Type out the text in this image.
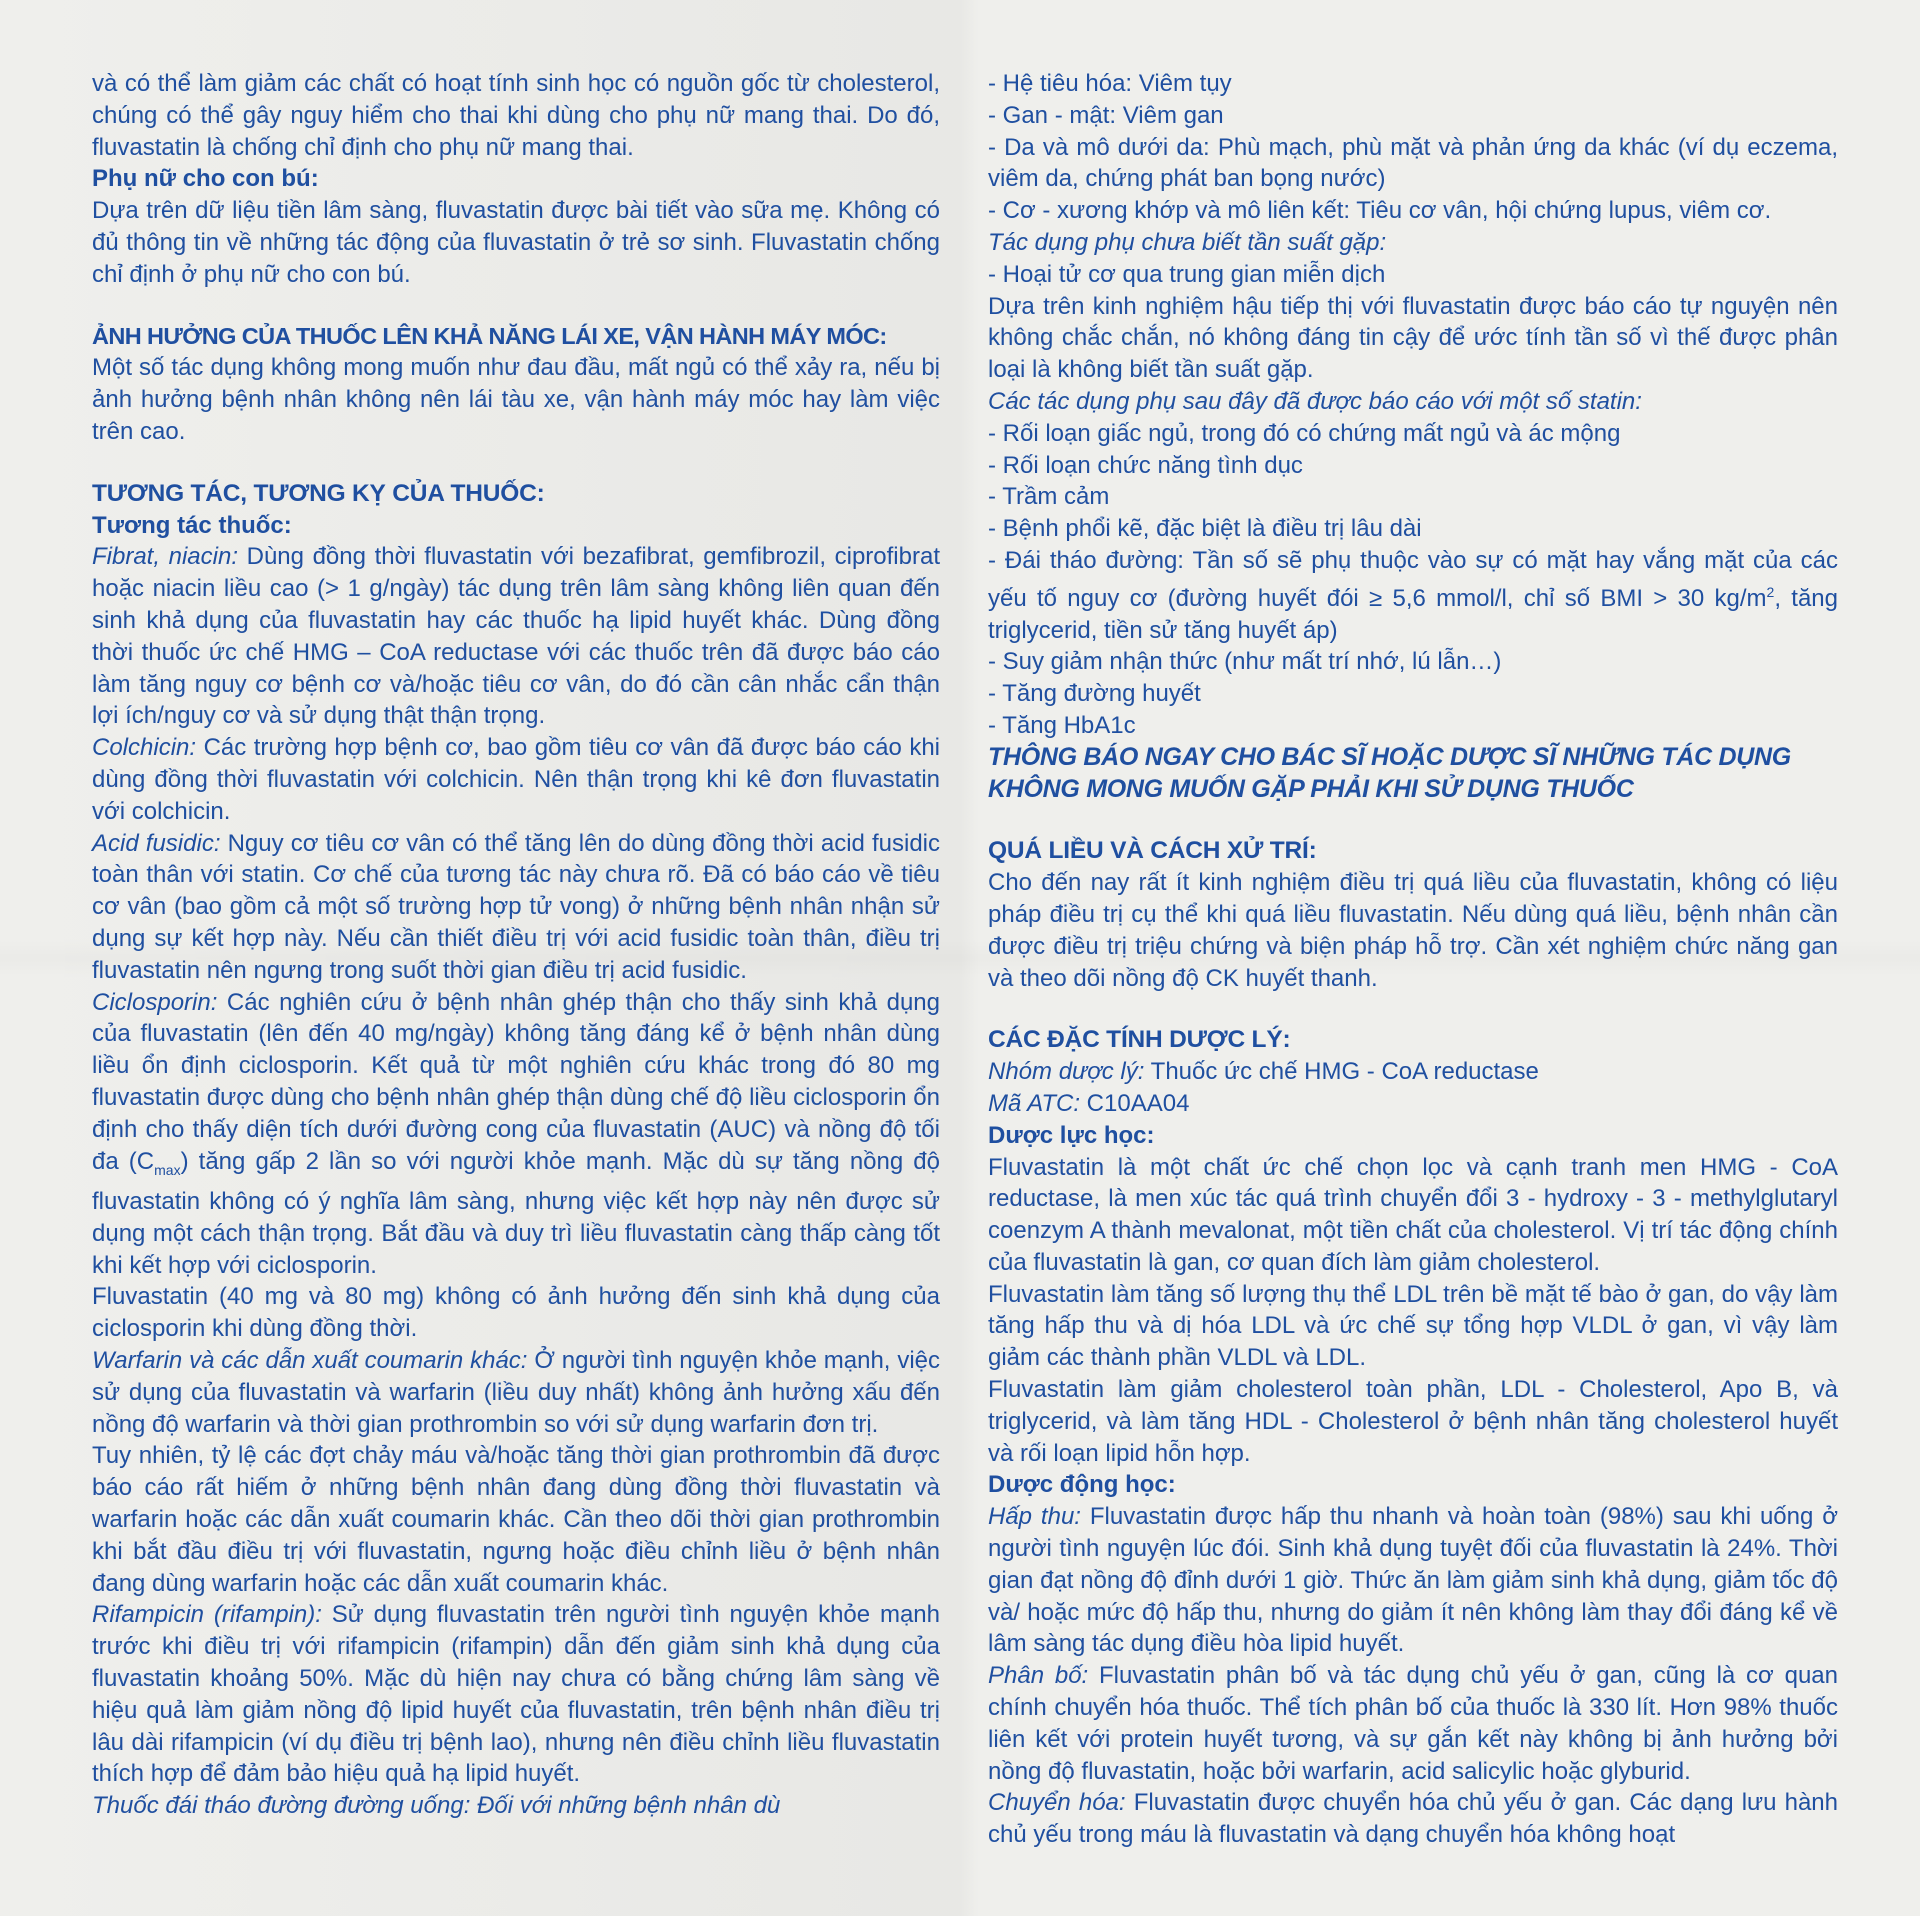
và có thể làm giảm các chất có hoạt tính sinh học có nguồn gốc từ cholesterol, chúng có thể gây nguy hiểm cho thai khi dùng cho phụ nữ mang thai. Do đó, fluvastatin là chống chỉ định cho phụ nữ mang thai.

Phụ nữ cho con bú:

Dựa trên dữ liệu tiền lâm sàng, fluvastatin được bài tiết vào sữa mẹ. Không có đủ thông tin về những tác động của fluvastatin ở trẻ sơ sinh. Fluvastatin chống chỉ định ở phụ nữ cho con bú.

ẢNH HƯỞNG CỦA THUỐC LÊN KHẢ NĂNG LÁI XE, VẬN HÀNH MÁY MÓC:

Một số tác dụng không mong muốn như đau đầu, mất ngủ có thể xảy ra, nếu bị ảnh hưởng bệnh nhân không nên lái tàu xe, vận hành máy móc hay làm việc trên cao.

TƯƠNG TÁC, TƯƠNG KỴ CỦA THUỐC:

Tương tác thuốc:

Fibrat, niacin: Dùng đồng thời fluvastatin với bezafibrat, gemfibrozil, ciprofibrat hoặc niacin liều cao (> 1 g/ngày) tác dụng trên lâm sàng không liên quan đến sinh khả dụng của fluvastatin hay các thuốc hạ lipid huyết khác. Dùng đồng thời thuốc ức chế HMG – CoA reductase với các thuốc trên đã được báo cáo làm tăng nguy cơ bệnh cơ và/hoặc tiêu cơ vân, do đó cần cân nhắc cẩn thận lợi ích/nguy cơ và sử dụng thật thận trọng.

Colchicin: Các trường hợp bệnh cơ, bao gồm tiêu cơ vân đã được báo cáo khi dùng đồng thời fluvastatin với colchicin. Nên thận trọng khi kê đơn fluvastatin với colchicin.

Acid fusidic: Nguy cơ tiêu cơ vân có thể tăng lên do dùng đồng thời acid fusidic toàn thân với statin. Cơ chế của tương tác này chưa rõ. Đã có báo cáo về tiêu cơ vân (bao gồm cả một số trường hợp tử vong) ở những bệnh nhân nhận sử dụng sự kết hợp này. Nếu cần thiết điều trị với acid fusidic toàn thân, điều trị fluvastatin nên ngưng trong suốt thời gian điều trị acid fusidic.

Ciclosporin: Các nghiên cứu ở bệnh nhân ghép thận cho thấy sinh khả dụng của fluvastatin (lên đến 40 mg/ngày) không tăng đáng kể ở bệnh nhân dùng liều ổn định ciclosporin. Kết quả từ một nghiên cứu khác trong đó 80 mg fluvastatin được dùng cho bệnh nhân ghép thận dùng chế độ liều ciclosporin ổn định cho thấy diện tích dưới đường cong của fluvastatin (AUC) và nồng độ tối đa $(C_{max})$ tăng gấp 2 lần so với người khỏe mạnh. Mặc dù sự tăng nồng độ fluvastatin không có ý nghĩa lâm sàng, nhưng việc kết hợp này nên được sử dụng một cách thận trọng. Bắt đầu và duy trì liều fluvastatin càng thấp càng tốt khi kết hợp với ciclosporin.

Fluvastatin (40 mg và 80 mg) không có ảnh hưởng đến sinh khả dụng của ciclosporin khi dùng đồng thời.

Warfarin và các dẫn xuất coumarin khác: Ở người tình nguyện khỏe mạnh, việc sử dụng của fluvastatin và warfarin (liều duy nhất) không ảnh hưởng xấu đến nồng độ warfarin và thời gian prothrombin so với sử dụng warfarin đơn trị.

Tuy nhiên, tỷ lệ các đợt chảy máu và/hoặc tăng thời gian prothrombin đã được báo cáo rất hiếm ở những bệnh nhân đang dùng đồng thời fluvastatin và warfarin hoặc các dẫn xuất coumarin khác. Cần theo dõi thời gian prothrombin khi bắt đầu điều trị với fluvastatin, ngưng hoặc điều chỉnh liều ở bệnh nhân đang dùng warfarin hoặc các dẫn xuất coumarin khác.

Rifampicin (rifampin): Sử dụng fluvastatin trên người tình nguyện khỏe mạnh trước khi điều trị với rifampicin (rifampin) dẫn đến giảm sinh khả dụng của fluvastatin khoảng 50%. Mặc dù hiện nay chưa có bằng chứng lâm sàng về hiệu quả làm giảm nồng độ lipid huyết của fluvastatin, trên bệnh nhân điều trị lâu dài rifampicin (ví dụ điều trị bệnh lao), nhưng nên điều chỉnh liều fluvastatin thích hợp để đảm bảo hiệu quả hạ lipid huyết.

Thuốc đái tháo đường đường uống: Đối với những bệnh nhân dù

- Hệ tiêu hóa: Viêm tụy

- Gan - mật: Viêm gan

- Da và mô dưới da: Phù mạch, phù mặt và phản ứng da khác (ví dụ eczema, viêm da, chứng phát ban bọng nước)

- Cơ - xương khớp và mô liên kết: Tiêu cơ vân, hội chứng lupus, viêm cơ.

Tác dụng phụ chưa biết tần suất gặp:

- Hoại tử cơ qua trung gian miễn dịch

Dựa trên kinh nghiệm hậu tiếp thị với fluvastatin được báo cáo tự nguyện nên không chắc chắn, nó không đáng tin cậy để ước tính tần số vì thế được phân loại là không biết tần suất gặp.

Các tác dụng phụ sau đây đã được báo cáo với một số statin:

- Rối loạn giấc ngủ, trong đó có chứng mất ngủ và ác mộng

- Rối loạn chức năng tình dục

- Trầm cảm

- Bệnh phổi kẽ, đặc biệt là điều trị lâu dài

- Đái tháo đường: Tần số sẽ phụ thuộc vào sự có mặt hay vắng mặt của các yếu tố nguy cơ (đường huyết đói ≥ 5,6 mmol/l, chỉ số BMI > 30 $kg/m^2$, tăng triglycerid, tiền sử tăng huyết áp)

- Suy giảm nhận thức (như mất trí nhớ, lú lẫn…)

- Tăng đường huyết

- Tăng HbA1c

THÔNG BÁO NGAY CHO BÁC SĨ HOẶC DƯỢC SĨ NHỮNG TÁC DỤNG KHÔNG MONG MUỐN GẶP PHẢI KHI SỬ DỤNG THUỐC

QUÁ LIỀU VÀ CÁCH XỬ TRÍ:

Cho đến nay rất ít kinh nghiệm điều trị quá liều của fluvastatin, không có liệu pháp điều trị cụ thể khi quá liều fluvastatin. Nếu dùng quá liều, bệnh nhân cần được điều trị triệu chứng và biện pháp hỗ trợ. Cần xét nghiệm chức năng gan và theo dõi nồng độ CK huyết thanh.

CÁC ĐẶC TÍNH DƯỢC LÝ:

Nhóm dược lý: Thuốc ức chế HMG - CoA reductase

Mã ATC: C10AA04

Dược lực học:

Fluvastatin là một chất ức chế chọn lọc và cạnh tranh men HMG - CoA reductase, là men xúc tác quá trình chuyển đổi 3 - hydroxy - 3 - methylglutaryl coenzym A thành mevalonat, một tiền chất của cholesterol. Vị trí tác động chính của fluvastatin là gan, cơ quan đích làm giảm cholesterol.

Fluvastatin làm tăng số lượng thụ thể LDL trên bề mặt tế bào ở gan, do vậy làm tăng hấp thu và dị hóa LDL và ức chế sự tổng hợp VLDL ở gan, vì vậy làm giảm các thành phần VLDL và LDL.

Fluvastatin làm giảm cholesterol toàn phần, LDL - Cholesterol, Apo B, và triglycerid, và làm tăng HDL - Cholesterol ở bệnh nhân tăng cholesterol huyết và rối loạn lipid hỗn hợp.

Dược động học:

Hấp thu: Fluvastatin được hấp thu nhanh và hoàn toàn (98%) sau khi uống ở người tình nguyện lúc đói. Sinh khả dụng tuyệt đối của fluvastatin là 24%. Thời gian đạt nồng độ đỉnh dưới 1 giờ. Thức ăn làm giảm sinh khả dụng, giảm tốc độ và/ hoặc mức độ hấp thu, nhưng do giảm ít nên không làm thay đổi đáng kể về lâm sàng tác dụng điều hòa lipid huyết.

Phân bố: Fluvastatin phân bố và tác dụng chủ yếu ở gan, cũng là cơ quan chính chuyển hóa thuốc. Thể tích phân bố của thuốc là 330 lít. Hơn 98% thuốc liên kết với protein huyết tương, và sự gắn kết này không bị ảnh hưởng bởi nồng độ fluvastatin, hoặc bởi warfarin, acid salicylic hoặc glyburid.

Chuyển hóa: Fluvastatin được chuyển hóa chủ yếu ở gan. Các dạng lưu hành chủ yếu trong máu là fluvastatin và dạng chuyển hóa không hoạt
